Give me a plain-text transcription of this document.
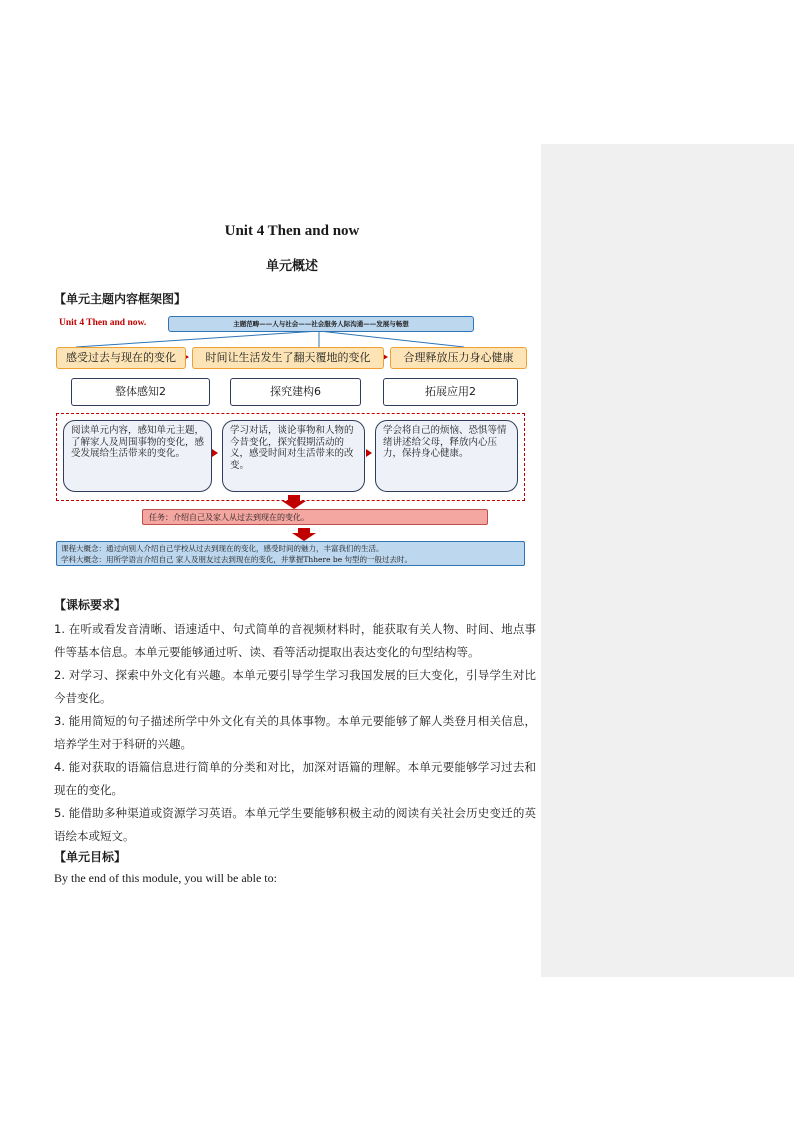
Unit 4 Then and now
单元概述
【单元主题内容框架图】
Unit 4 Then and now.	主题范畴——人与社会——社会服务人际沟通——发展与畅想
感受过去与现在的变化	时间让生活发生了翻天覆地的变化	合理释放压力身心健康
整体感知2	探究建构6	拓展应用2
阅读单元内容，感知单元主题，了解家人及周围事物的变化，感受发展给生活带来的变化。
学习对话，谈论事物和人物的今昔变化，探究假期活动的义，感受时间对生活带来的改变。
学会将自己的烦恼、恐惧等情绪讲述给父母，释放内心压力，保持身心健康。
任务：介绍自己及家人从过去到现在的变化。
课程大概念：通过向别人介绍自己学校从过去到现在的变化，感受时间的魅力，丰富我们的生活。
学科大概念：用所学语言介绍自己 家人及朋友过去到现在的变化，并掌握Thhere be 句型的一般过去时。
【课标要求】

1. 在听或看发音清晰、语速适中、句式简单的音视频材料时，能获取有关人物、时间、地点事件等基本信息。本单元要能够通过听、读、看等活动提取出表达变化的句型结构等。

2. 对学习、探索中外文化有兴趣。本单元要引导学生学习我国发展的巨大变化，引导学生对比今昔变化。

3. 能用简短的句子描述所学中外文化有关的具体事物。本单元要能够了解人类登月相关信息，培养学生对于科研的兴趣。

4. 能对获取的语篇信息进行简单的分类和对比，加深对语篇的理解。本单元要能够学习过去和现在的变化。

5. 能借助多种渠道或资源学习英语。本单元学生要能够积极主动的阅读有关社会历史变迁的英语绘本或短文。

【单元目标】
By the end of this module, you will be able to:
